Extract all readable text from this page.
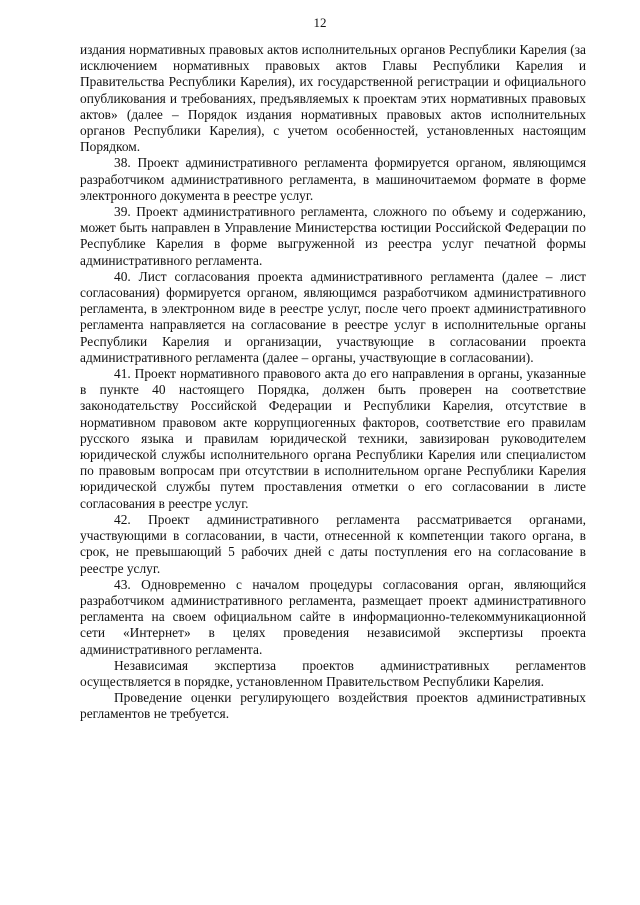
12

издания нормативных правовых актов исполнительных органов Республики Карелия (за исключением нормативных правовых актов Главы Республики Карелия и Правительства Республики Карелия), их государственной регистрации и официального опубликования и требованиях, предъявляемых к проектам этих нормативных правовых актов» (далее – Порядок издания нормативных правовых актов исполнительных органов Республики Карелия), с учетом особенностей, установленных настоящим Порядком.

38. Проект административного регламента формируется органом, являющимся разработчиком административного регламента, в машиночитаемом формате в форме электронного документа в реестре услуг.

39. Проект административного регламента, сложного по объему и содержанию, может быть направлен в Управление Министерства юстиции Российской Федерации по Республике Карелия в форме выгруженной из реестра услуг печатной формы административного регламента.

40. Лист согласования проекта административного регламента (далее – лист согласования) формируется органом, являющимся разработчиком административного регламента, в электронном виде в реестре услуг, после чего проект административного регламента направляется на согласование в реестре услуг в исполнительные органы Республики Карелия и организации, участвующие в согласовании проекта административного регламента (далее – органы, участвующие в согласовании).

41. Проект нормативного правового акта до его направления в органы, указанные в пункте 40 настоящего Порядка, должен быть проверен на соответствие законодательству Российской Федерации и Республики Карелия, отсутствие в нормативном правовом акте коррупциогенных факторов, соответствие его правилам русского языка и правилам юридической техники, завизирован руководителем юридической службы исполнительного органа Республики Карелия или специалистом по правовым вопросам при отсутствии в исполнительном органе Республики Карелия юридической службы путем проставления отметки о его согласовании в листе согласования в реестре услуг.

42. Проект административного регламента рассматривается органами, участвующими в согласовании, в части, отнесенной к компетенции такого органа, в срок, не превышающий 5 рабочих дней с даты поступления его на согласование в реестре услуг.

43. Одновременно с началом процедуры согласования орган, являющийся разработчиком административного регламента, размещает проект административного регламента на своем официальном сайте в информационно-телекоммуникационной сети «Интернет» в целях проведения независимой экспертизы проекта административного регламента.

Независимая экспертиза проектов административных регламентов осуществляется в порядке, установленном Правительством Республики Карелия.

Проведение оценки регулирующего воздействия проектов административных регламентов не требуется.
